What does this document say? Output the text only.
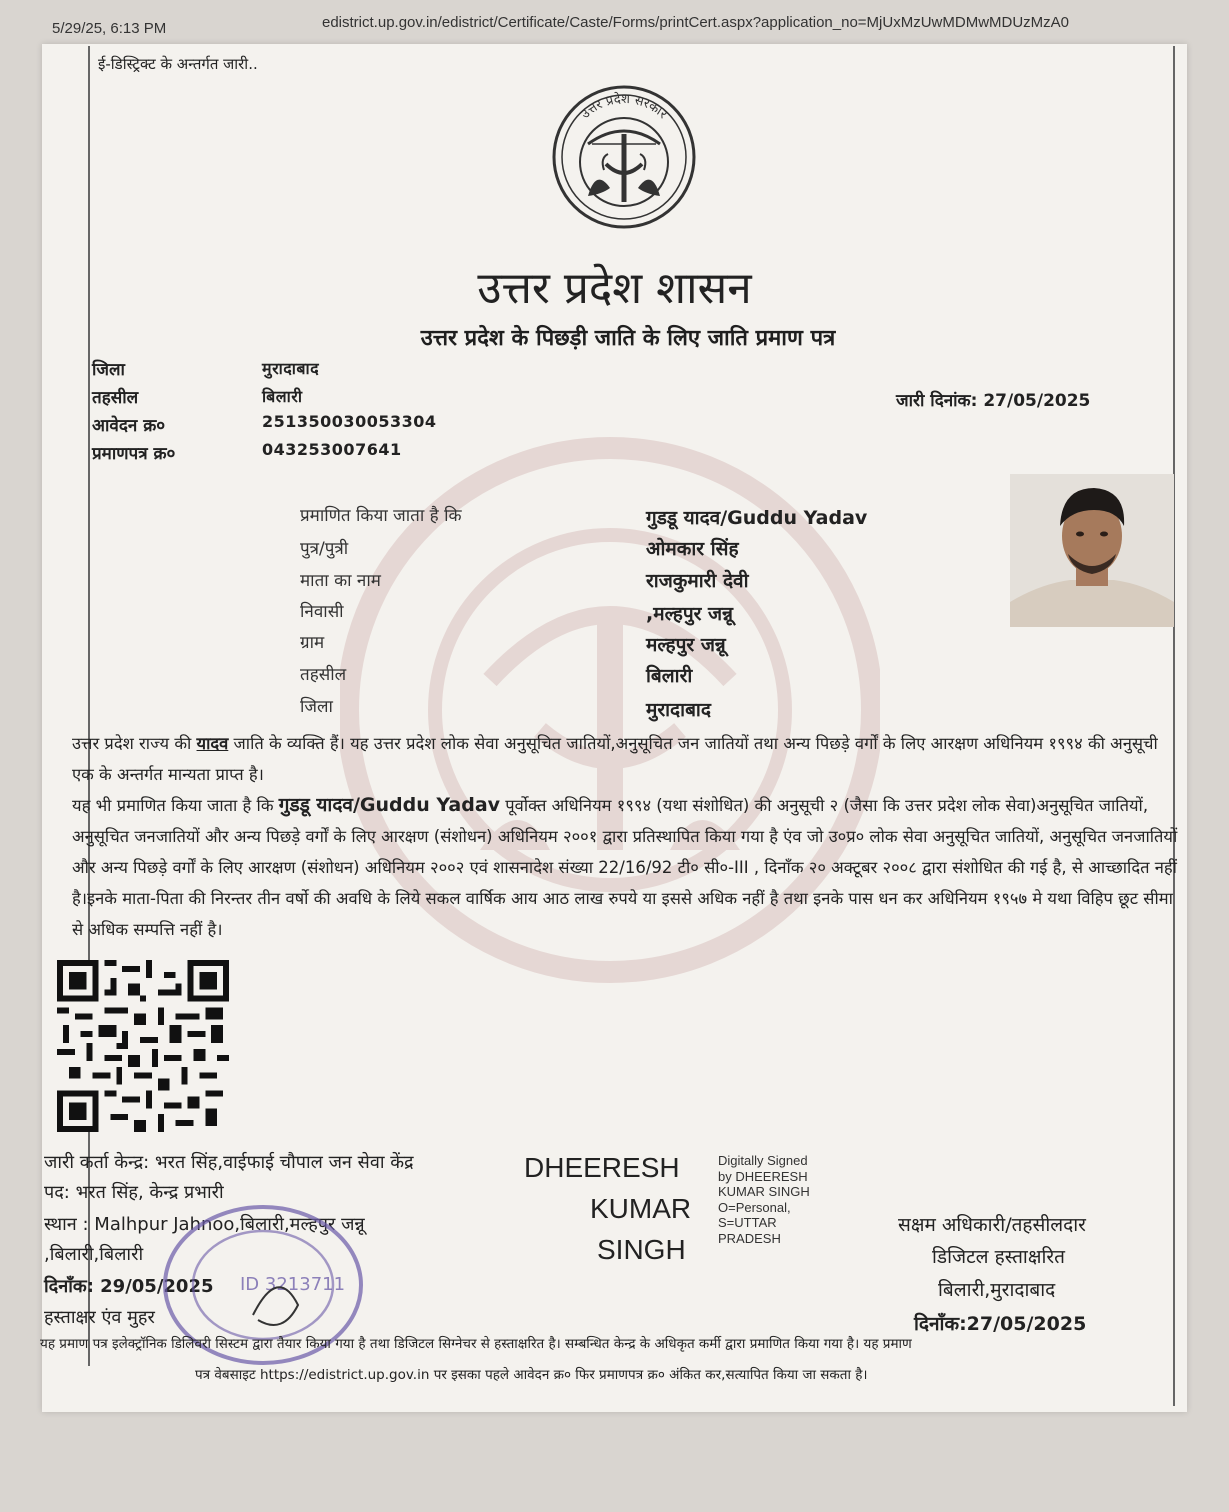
5/29/25, 6:13 PM	edistrict.up.gov.in/edistrict/Certificate/Caste/Forms/printCert.aspx?application_no=MjUxMzUwMDMwMDUzMzA0
ई-डिस्ट्रिक्ट के अन्तर्गत जारी..
उत्तर प्रदेश सरकार
उत्तर प्रदेश शासन
उत्तर प्रदेश के पिछड़ी जाति के लिए जाति प्रमाण पत्र
जिला	मुरादाबाद
तहसील	बिलारी
आवेदन क्र०	251350030053304
प्रमाणपत्र क्र०	043253007641
जारी दिनांक: 27/05/2025
प्रमाणित किया जाता है कि	गुडडू यादव/Guddu Yadav
पुत्र/पुत्री	ओमकार सिंह
माता का नाम	राजकुमारी देवी
निवासी	,मल्हपुर जन्नू
ग्राम	मल्हपुर जन्नू
तहसील	बिलारी
जिला	मुरादाबाद
उत्तर प्रदेश राज्य की यादव जाति के व्यक्ति हैं। यह उत्तर प्रदेश लोक सेवा अनुसूचित जातियों,अनुसूचित जन जातियों तथा अन्य पिछड़े वर्गों के लिए आरक्षण अधिनियम १९९४ की अनुसूची एक के अन्तर्गत मान्यता प्राप्त है।
यह भी प्रमाणित किया जाता है कि गुडडू यादव/Guddu Yadav पूर्वोक्त अधिनियम १९९४ (यथा संशोधित) की अनुसूची २ (जैसा कि उत्तर प्रदेश लोक सेवा)अनुसूचित जातियों, अनुसूचित जनजातियों और अन्य पिछड़े वर्गों के लिए आरक्षण (संशोधन) अधिनियम २००१ द्वारा प्रतिस्थापित किया गया है एंव जो उ०प्र० लोक सेवा अनुसूचित जातियों, अनुसूचित जनजातियों और अन्य पिछड़े वर्गों के लिए आरक्षण (संशोधन) अधिनियम २००२ एवं शासनादेश संख्या 22/16/92 टी० सी०-III , दिनाँक २० अक्टूबर २००८ द्वारा संशोधित की गई है, से आच्छादित नहीं है।इनके माता-पिता की निरन्तर तीन वर्षो की अवधि के लिये सकल वार्षिक आय आठ लाख रुपये या इससे अधिक नहीं है तथा इनके पास धन कर अधिनियम १९५७ मे यथा विहिप छूट सीमा से अधिक सम्पत्ति नहीं है।
जारी कर्ता केन्द्र: भरत सिंह,वाईफाई चौपाल जन सेवा केंद्र
पद: भरत सिंह, केन्द्र प्रभारी
स्थान : Malhpur Jahnoo,बिलारी,मल्हपुर जन्नू
,बिलारी,बिलारी
दिनाँक: 29/05/2025
हस्ताक्षर एंव मुहर
ID 3213711
DHEERESH
KUMAR
SINGH
Digitally Signed
by DHEERESH
KUMAR SINGH
O=Personal,
S=UTTAR
PRADESH
सक्षम अधिकारी/तहसीलदार
डिजिटल हस्ताक्षरित
बिलारी,मुरादाबाद
दिनाँक:27/05/2025
यह प्रमाण पत्र इलेक्ट्रॉनिक डिलिवरी सिस्टम द्वारा तैयार किया गया है तथा डिजिटल सिग्नेचर से हस्ताक्षरित है। सम्बन्धित केन्द्र के अधिकृत कर्मी द्वारा प्रमाणित किया गया है। यह प्रमाण
पत्र वेबसाइट https://edistrict.up.gov.in पर इसका पहले आवेदन क्र० फिर प्रमाणपत्र क्र० अंकित कर,सत्यापित किया जा सकता है।
